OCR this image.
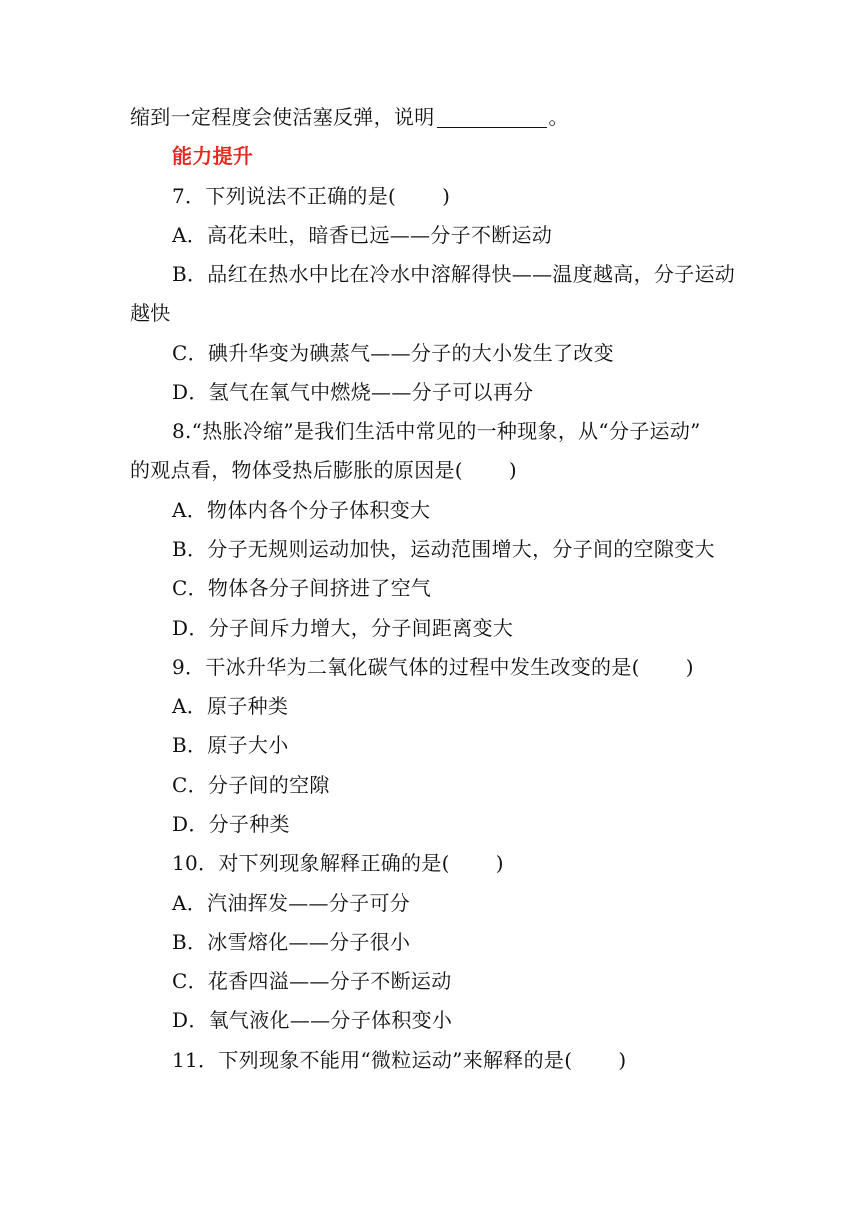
缩到一定程度会使活塞反弹，说明	。
能力提升
7．下列说法不正确的是( )
A．高花未吐，暗香已远——分子不断运动
B．品红在热水中比在冷水中溶解得快——温度越高，分子运动
越快
C．碘升华变为碘蒸气——分子的大小发生了改变
D．氢气在氧气中燃烧——分子可以再分
8.“热胀冷缩”是我们生活中常见的一种现象，从“分子运动”
的观点看，物体受热后膨胀的原因是( )
A．物体内各个分子体积变大
B．分子无规则运动加快，运动范围增大，分子间的空隙变大
C．物体各分子间挤进了空气
D．分子间斥力增大，分子间距离变大
9．干冰升华为二氧化碳气体的过程中发生改变的是( )
A．原子种类
B．原子大小
C．分子间的空隙
D．分子种类
10．对下列现象解释正确的是( )
A．汽油挥发——分子可分
B．冰雪熔化——分子很小
C．花香四溢——分子不断运动
D．氧气液化——分子体积变小
11．下列现象不能用“微粒运动”来解释的是( )
